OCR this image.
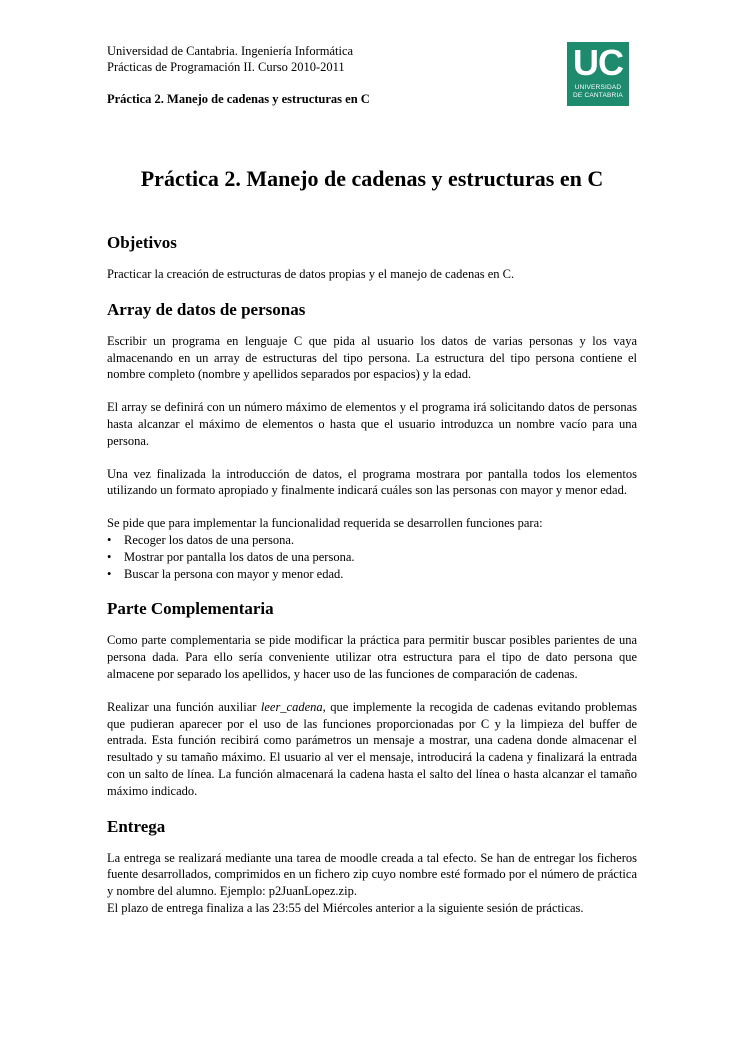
Universidad de Cantabria. Ingeniería Informática
Prácticas de Programación II. Curso 2010-2011
Práctica 2. Manejo de cadenas y estructuras en C
UC
UNIVERSIDAD
DE CANTABRIA
Práctica 2. Manejo de cadenas y estructuras en C
Objetivos

Practicar la creación de estructuras de datos propias y el manejo de cadenas en C.

Array de datos de personas

Escribir un programa en lenguaje C que pida al usuario los datos de varias personas y los vaya almacenando en un array de estructuras del tipo persona. La estructura del tipo persona contiene el nombre completo (nombre y apellidos separados por espacios) y la edad.

El array se definirá con un número máximo de elementos y el programa irá solicitando datos de personas hasta alcanzar el máximo de elementos o hasta que el usuario introduzca un nombre vacío para una persona.

Una vez finalizada la introducción de datos, el programa mostrara por pantalla todos los elementos utilizando un formato apropiado y finalmente indicará cuáles son las personas con mayor y menor edad.

Se pide que para implementar la funcionalidad requerida se desarrollen funciones para:

• Recoger los datos de una persona.
• Mostrar por pantalla los datos de una persona.
• Buscar la persona con mayor y menor edad.
Parte Complementaria

Como parte complementaria se pide modificar la práctica para permitir buscar posibles parientes de una persona dada. Para ello sería conveniente utilizar otra estructura para el tipo de dato persona que almacene por separado los apellidos, y hacer uso de las funciones de comparación de cadenas.

Realizar una función auxiliar leer_cadena, que implemente la recogida de cadenas evitando problemas que pudieran aparecer por el uso de las funciones proporcionadas por C y la limpieza del buffer de entrada. Esta función recibirá como parámetros un mensaje a mostrar, una cadena donde almacenar el resultado y su tamaño máximo. El usuario al ver el mensaje, introducirá la cadena y finalizará la entrada con un salto de línea. La función almacenará la cadena hasta el salto del línea o hasta alcanzar el tamaño máximo indicado.

Entrega

La entrega se realizará mediante una tarea de moodle creada a tal efecto. Se han de entregar los ficheros fuente desarrollados, comprimidos en un fichero zip cuyo nombre esté formado por el número de práctica y nombre del alumno. Ejemplo: p2JuanLopez.zip.

El plazo de entrega finaliza a las 23:55 del Miércoles anterior a la siguiente sesión de prácticas.
